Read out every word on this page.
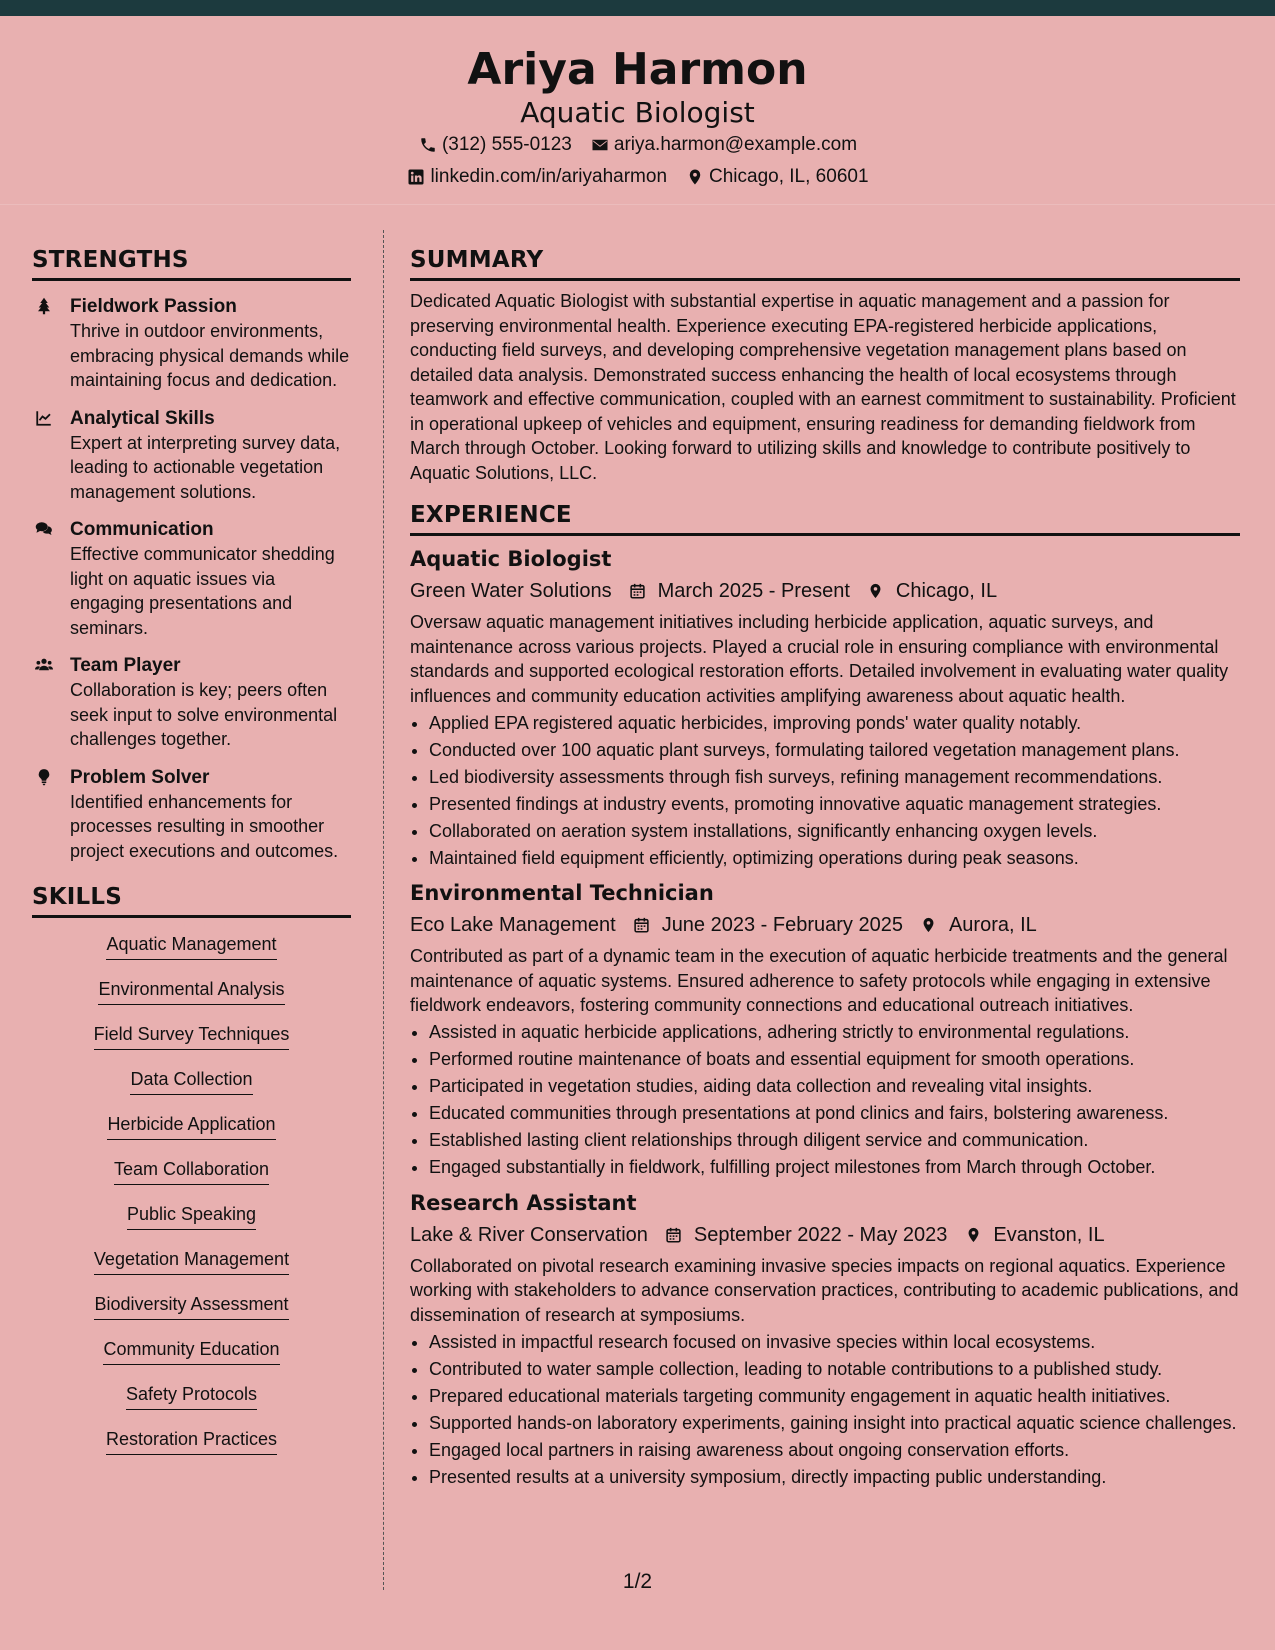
Ariya Harmon
Aquatic Biologist
(312) 555-0123 ariya.harmon@example.com
linkedin.com/in/ariyaharmon Chicago, IL, 60601
STRENGTHS
Fieldwork Passion
Thrive in outdoor environments, embracing physical demands while maintaining focus and dedication.
Analytical Skills
Expert at interpreting survey data, leading to actionable vegetation management solutions.
Communication
Effective communicator shedding light on aquatic issues via engaging presentations and seminars.
Team Player
Collaboration is key; peers often seek input to solve environmental challenges together.
Problem Solver
Identified enhancements for processes resulting in smoother project executions and outcomes.
SKILLS
Aquatic Management
Environmental Analysis
Field Survey Techniques
Data Collection
Herbicide Application
Team Collaboration
Public Speaking
Vegetation Management
Biodiversity Assessment
Community Education
Safety Protocols
Restoration Practices
SUMMARY

Dedicated Aquatic Biologist with substantial expertise in aquatic management and a passion for preserving environmental health. Experience executing EPA-registered herbicide applications, conducting field surveys, and developing comprehensive vegetation management plans based on detailed data analysis. Demonstrated success enhancing the health of local ecosystems through teamwork and effective communication, coupled with an earnest commitment to sustainability. Proficient in operational upkeep of vehicles and equipment, ensuring readiness for demanding fieldwork from March through October. Looking forward to utilizing skills and knowledge to contribute positively to Aquatic Solutions, LLC.

EXPERIENCE
Aquatic Biologist
Green Water Solutions March 2025 - Present Chicago, IL

Oversaw aquatic management initiatives including herbicide application, aquatic surveys, and maintenance across various projects. Played a crucial role in ensuring compliance with environmental standards and supported ecological restoration efforts. Detailed involvement in evaluating water quality influences and community education activities amplifying awareness about aquatic health.

• Applied EPA registered aquatic herbicides, improving ponds' water quality notably.
• Conducted over 100 aquatic plant surveys, formulating tailored vegetation management plans.
• Led biodiversity assessments through fish surveys, refining management recommendations.
• Presented findings at industry events, promoting innovative aquatic management strategies.
• Collaborated on aeration system installations, significantly enhancing oxygen levels.
• Maintained field equipment efficiently, optimizing operations during peak seasons.
Environmental Technician
Eco Lake Management June 2023 - February 2025 Aurora, IL

Contributed as part of a dynamic team in the execution of aquatic herbicide treatments and the general maintenance of aquatic systems. Ensured adherence to safety protocols while engaging in extensive fieldwork endeavors, fostering community connections and educational outreach initiatives.

• Assisted in aquatic herbicide applications, adhering strictly to environmental regulations.
• Performed routine maintenance of boats and essential equipment for smooth operations.
• Participated in vegetation studies, aiding data collection and revealing vital insights.
• Educated communities through presentations at pond clinics and fairs, bolstering awareness.
• Established lasting client relationships through diligent service and communication.
• Engaged substantially in fieldwork, fulfilling project milestones from March through October.
Research Assistant
Lake & River Conservation September 2022 - May 2023 Evanston, IL

Collaborated on pivotal research examining invasive species impacts on regional aquatics. Experience working with stakeholders to advance conservation practices, contributing to academic publications, and dissemination of research at symposiums.

• Assisted in impactful research focused on invasive species within local ecosystems.
• Contributed to water sample collection, leading to notable contributions to a published study.
• Prepared educational materials targeting community engagement in aquatic health initiatives.
• Supported hands-on laboratory experiments, gaining insight into practical aquatic science challenges.
• Engaged local partners in raising awareness about ongoing conservation efforts.
• Presented results at a university symposium, directly impacting public understanding.
1/2
